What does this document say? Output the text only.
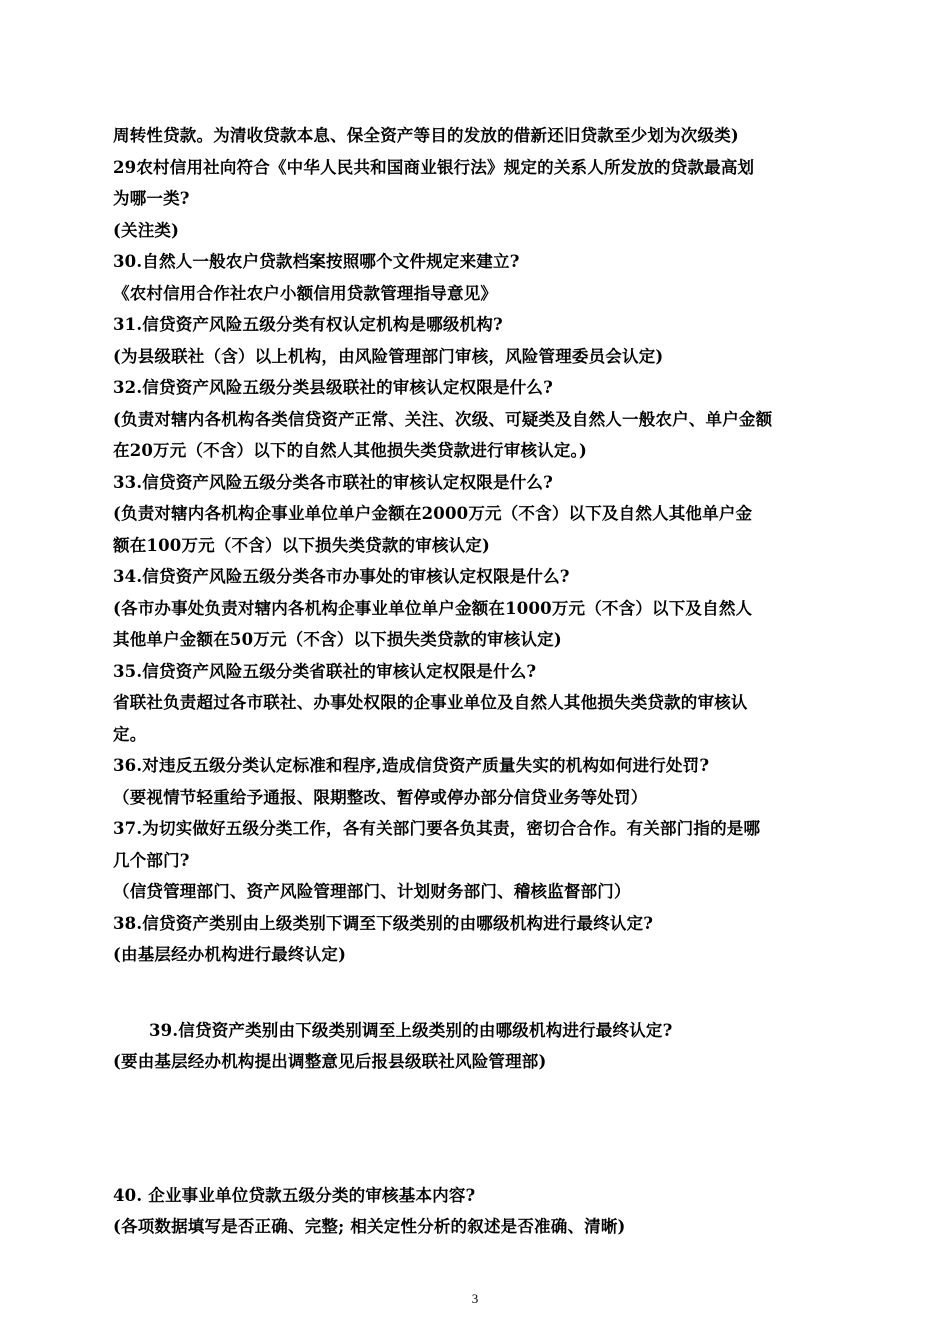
周转性贷款。为清收贷款本息、保全资产等目的发放的借新还旧贷款至少划为次级类)
29农村信用社向符合《中华人民共和国商业银行法》规定的关系人所发放的贷款最高划
为哪一类?
(关注类)
30.自然人一般农户贷款档案按照哪个文件规定来建立?
《农村信用合作社农户小额信用贷款管理指导意见》
31.信贷资产风险五级分类有权认定机构是哪级机构?
(为县级联社（含）以上机构，由风险管理部门审核，风险管理委员会认定)
32.信贷资产风险五级分类县级联社的审核认定权限是什么?
(负责对辖内各机构各类信贷资产正常、关注、次级、可疑类及自然人一般农户、单户金额
在20万元（不含）以下的自然人其他损失类贷款进行审核认定。)
33.信贷资产风险五级分类各市联社的审核认定权限是什么?
(负责对辖内各机构企事业单位单户金额在2000万元（不含）以下及自然人其他单户金
额在100万元（不含）以下损失类贷款的审核认定)
34.信贷资产风险五级分类各市办事处的审核认定权限是什么?
(各市办事处负责对辖内各机构企事业单位单户金额在1000万元（不含）以下及自然人
其他单户金额在50万元（不含）以下损失类贷款的审核认定)
35.信贷资产风险五级分类省联社的审核认定权限是什么?
省联社负责超过各市联社、办事处权限的企事业单位及自然人其他损失类贷款的审核认
定。
36.对违反五级分类认定标准和程序,造成信贷资产质量失实的机构如何进行处罚?
（要视情节轻重给予通报、限期整改、暂停或停办部分信贷业务等处罚）
37.为切实做好五级分类工作，各有关部门要各负其责，密切合合作。有关部门指的是哪
几个部门?
（信贷管理部门、资产风险管理部门、计划财务部门、稽核监督部门）
38.信贷资产类别由上级类别下调至下级类别的由哪级机构进行最终认定?
(由基层经办机构进行最终认定)
39.信贷资产类别由下级类别调至上级类别的由哪级机构进行最终认定?
(要由基层经办机构提出调整意见后报县级联社风险管理部)
40. 企业事业单位贷款五级分类的审核基本内容?
(各项数据填写是否正确、完整; 相关定性分析的叙述是否准确、清晰)
3
